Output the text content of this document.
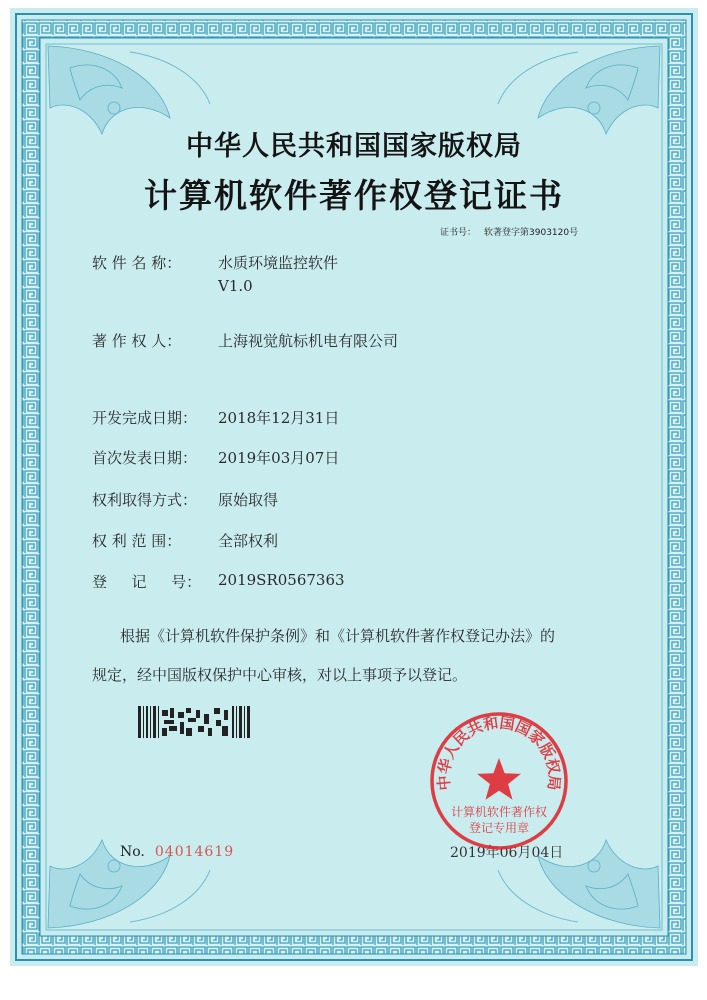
中华人民共和国国家版权局
计算机软件著作权登记证书
证书号： 软著登字第3903120号
软 件 名 称： 水质环境监控软件
V1.0
著 作 权 人： 上海视觉航标机电有限公司
开发完成日期： 2018年12月31日
首次发表日期： 2019年03月07日
权利取得方式： 原始取得
权 利 范 围： 全部权利
登 　 记 　 号： 2019SR0567363
根据《计算机软件保护条例》和《计算机软件著作权登记办法》的
规定，经中国版权保护中心审核，对以上事项予以登记。
No. 04014619	2019年06月04日
中华人民共和国国家版权局
计算机软件著作权
登记专用章
